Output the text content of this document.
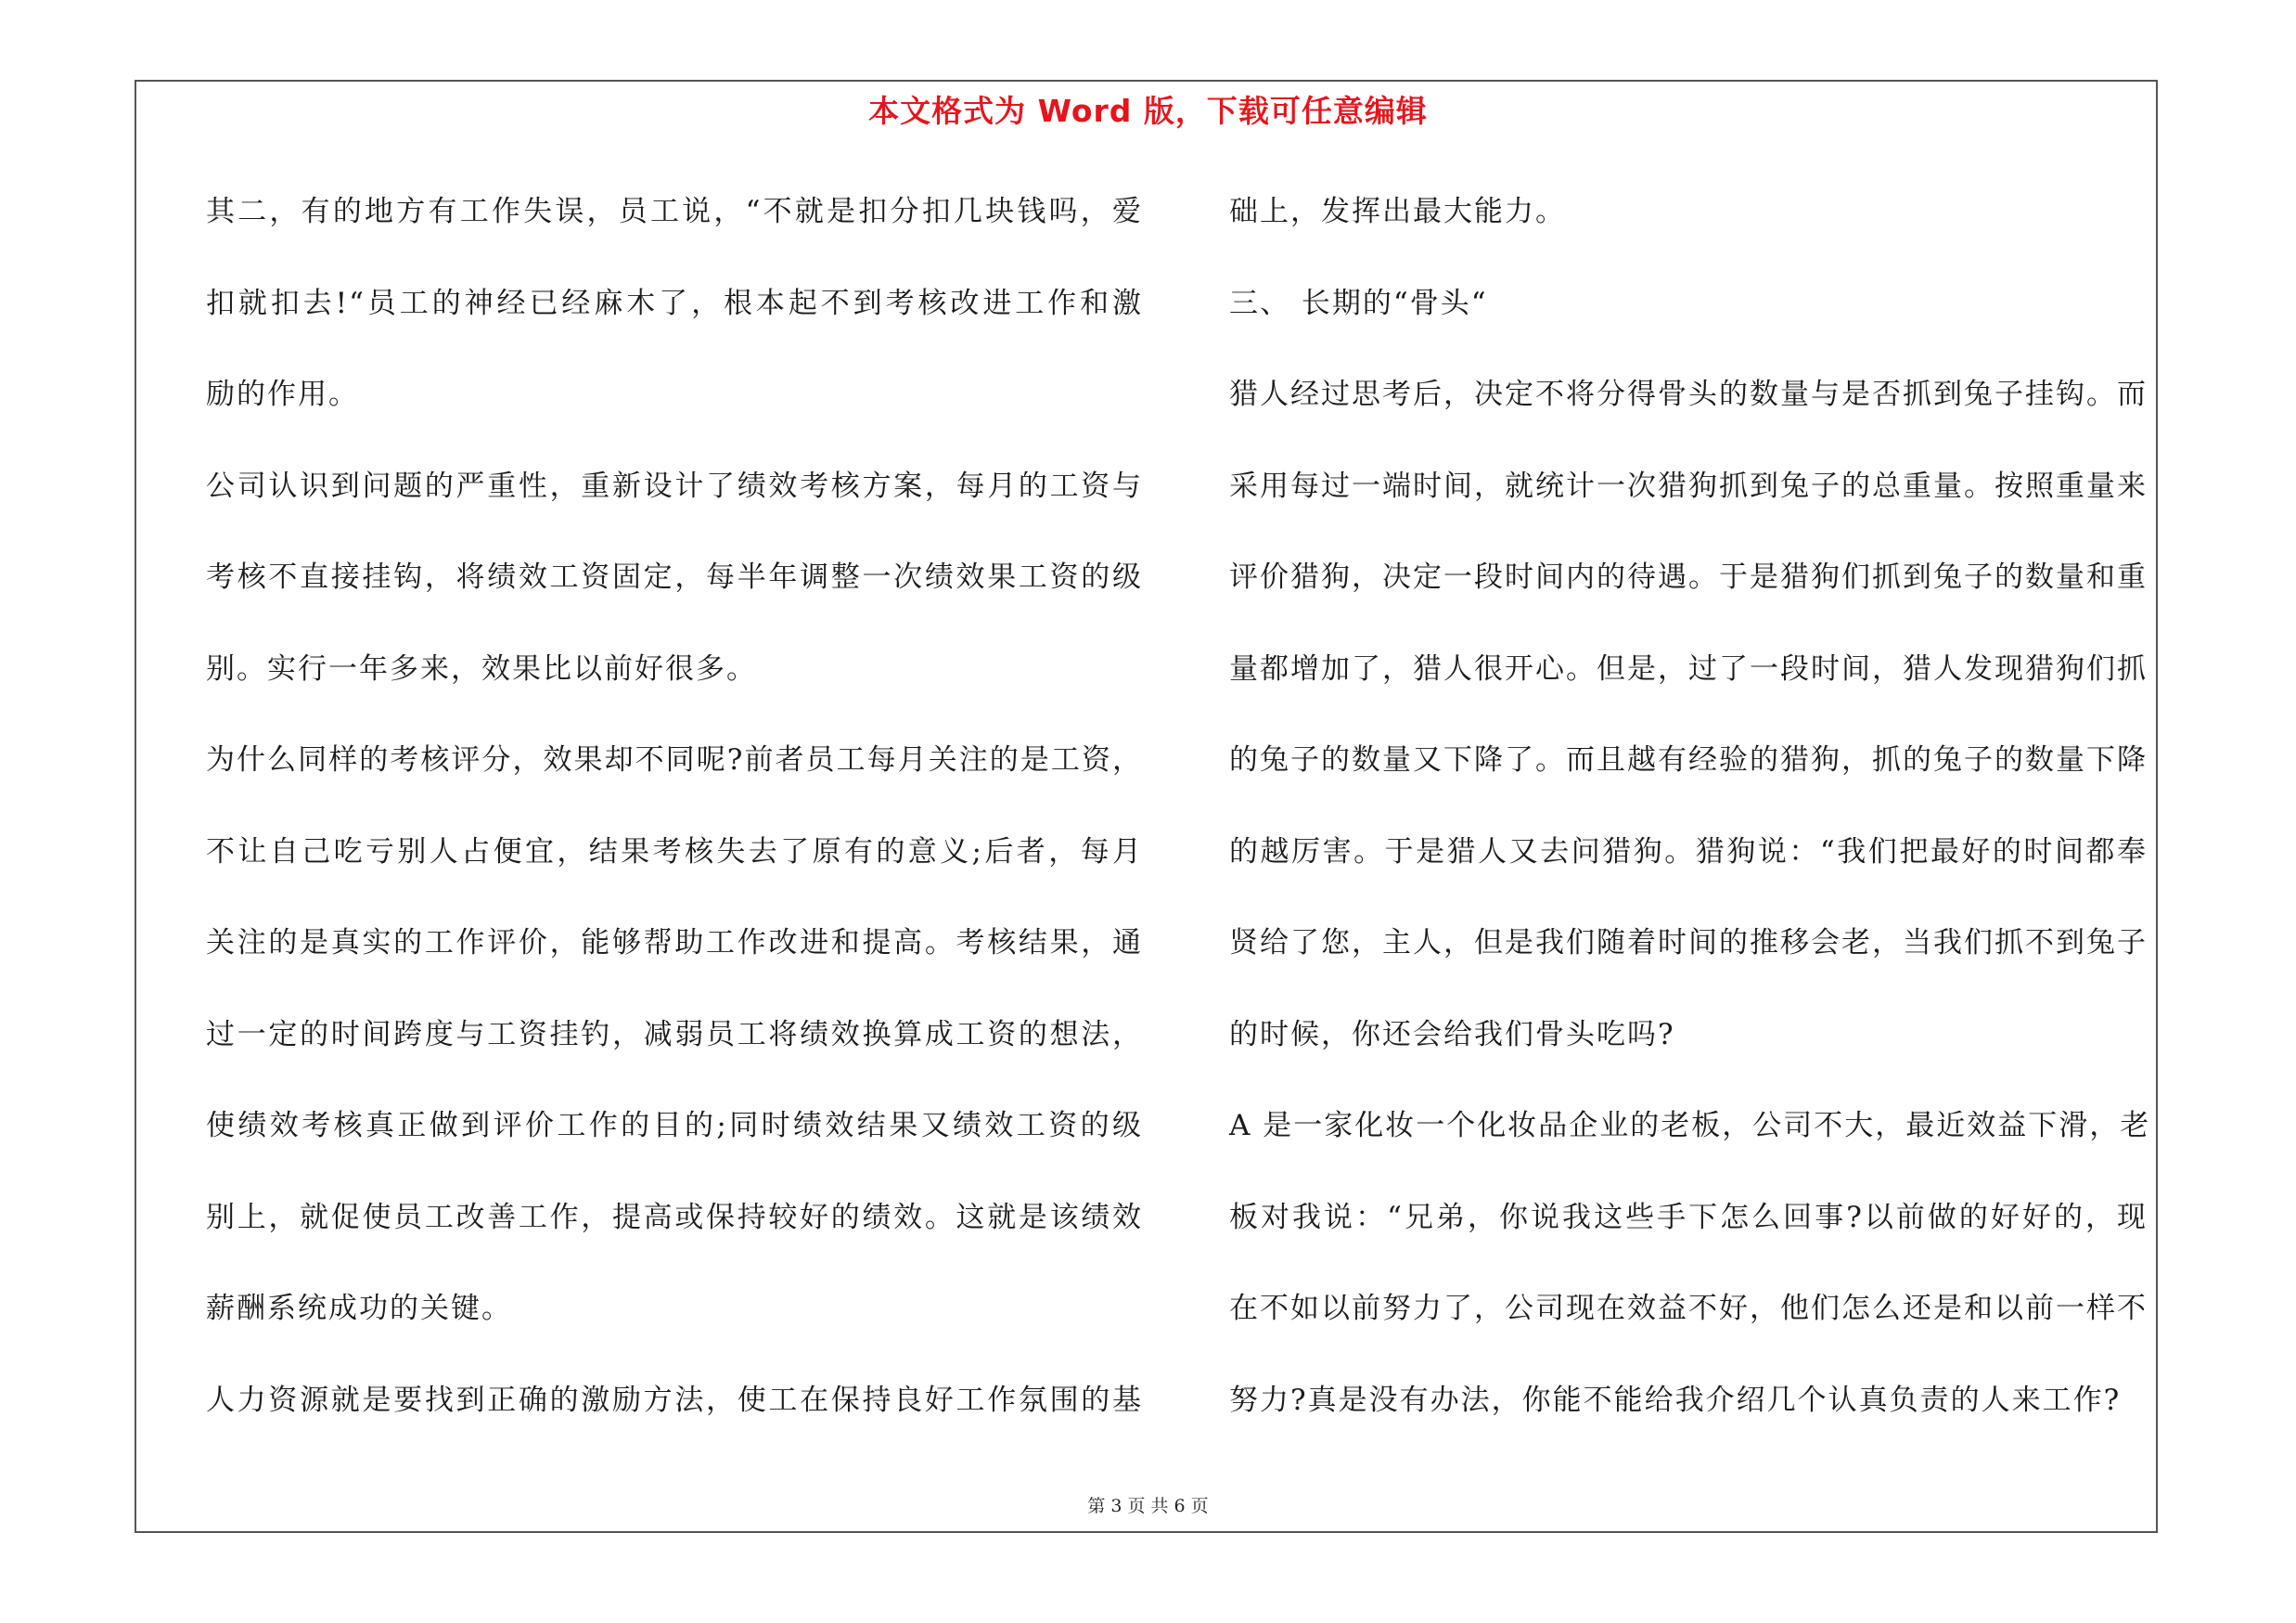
本文格式为 Word 版，下载可任意编辑
其二，有的地方有工作失误，员工说，“不就是扣分扣几块钱吗，爱
扣就扣去!“员工的神经已经麻木了，根本起不到考核改进工作和激
励的作用。
公司认识到问题的严重性，重新设计了绩效考核方案，每月的工资与
考核不直接挂钩，将绩效工资固定，每半年调整一次绩效果工资的级
别。实行一年多来，效果比以前好很多。
为什么同样的考核评分，效果却不同呢?前者员工每月关注的是工资，
不让自己吃亏别人占便宜，结果考核失去了原有的意义;后者，每月
关注的是真实的工作评价，能够帮助工作改进和提高。考核结果，通
过一定的时间跨度与工资挂钓，减弱员工将绩效换算成工资的想法，
使绩效考核真正做到评价工作的目的;同时绩效结果又绩效工资的级
别上，就促使员工改善工作，提高或保持较好的绩效。这就是该绩效
薪酬系统成功的关键。
人力资源就是要找到正确的激励方法，使工在保持良好工作氛围的基
础上，发挥出最大能力。
三、 长期的“骨头“
猎人经过思考后，决定不将分得骨头的数量与是否抓到兔子挂钩。而
采用每过一端时间，就统计一次猎狗抓到兔子的总重量。按照重量来
评价猎狗，决定一段时间内的待遇。于是猎狗们抓到兔子的数量和重
量都增加了，猎人很开心。但是，过了一段时间，猎人发现猎狗们抓
的兔子的数量又下降了。而且越有经验的猎狗，抓的兔子的数量下降
的越厉害。于是猎人又去问猎狗。猎狗说：“我们把最好的时间都奉
贤给了您，主人，但是我们随着时间的推移会老，当我们抓不到兔子
的时候，你还会给我们骨头吃吗?
A 是一家化妆一个化妆品企业的老板，公司不大，最近效益下滑，老
板对我说：“兄弟，你说我这些手下怎么回事?以前做的好好的，现
在不如以前努力了，公司现在效益不好，他们怎么还是和以前一样不
努力?真是没有办法，你能不能给我介绍几个认真负责的人来工作?
第 3 页 共 6 页
